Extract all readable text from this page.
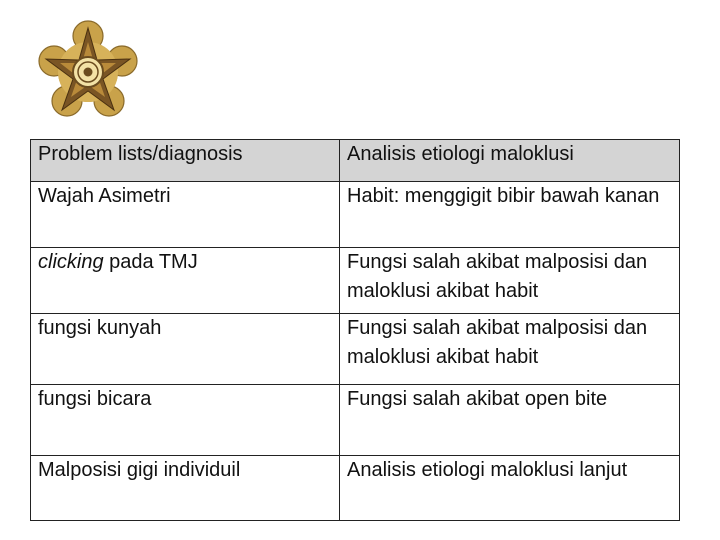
Problem lists/diagnosis	Analisis etiologi maloklusi

Wajah Asimetri	Habit: menggigit bibir bawah kanan
clicking pada TMJ	Fungsi salah akibat malposisi dan maloklusi akibat habit
fungsi kunyah	Fungsi salah akibat malposisi dan maloklusi akibat habit
fungsi bicara	Fungsi salah akibat open bite
Malposisi gigi individuil	Analisis etiologi maloklusi lanjut
